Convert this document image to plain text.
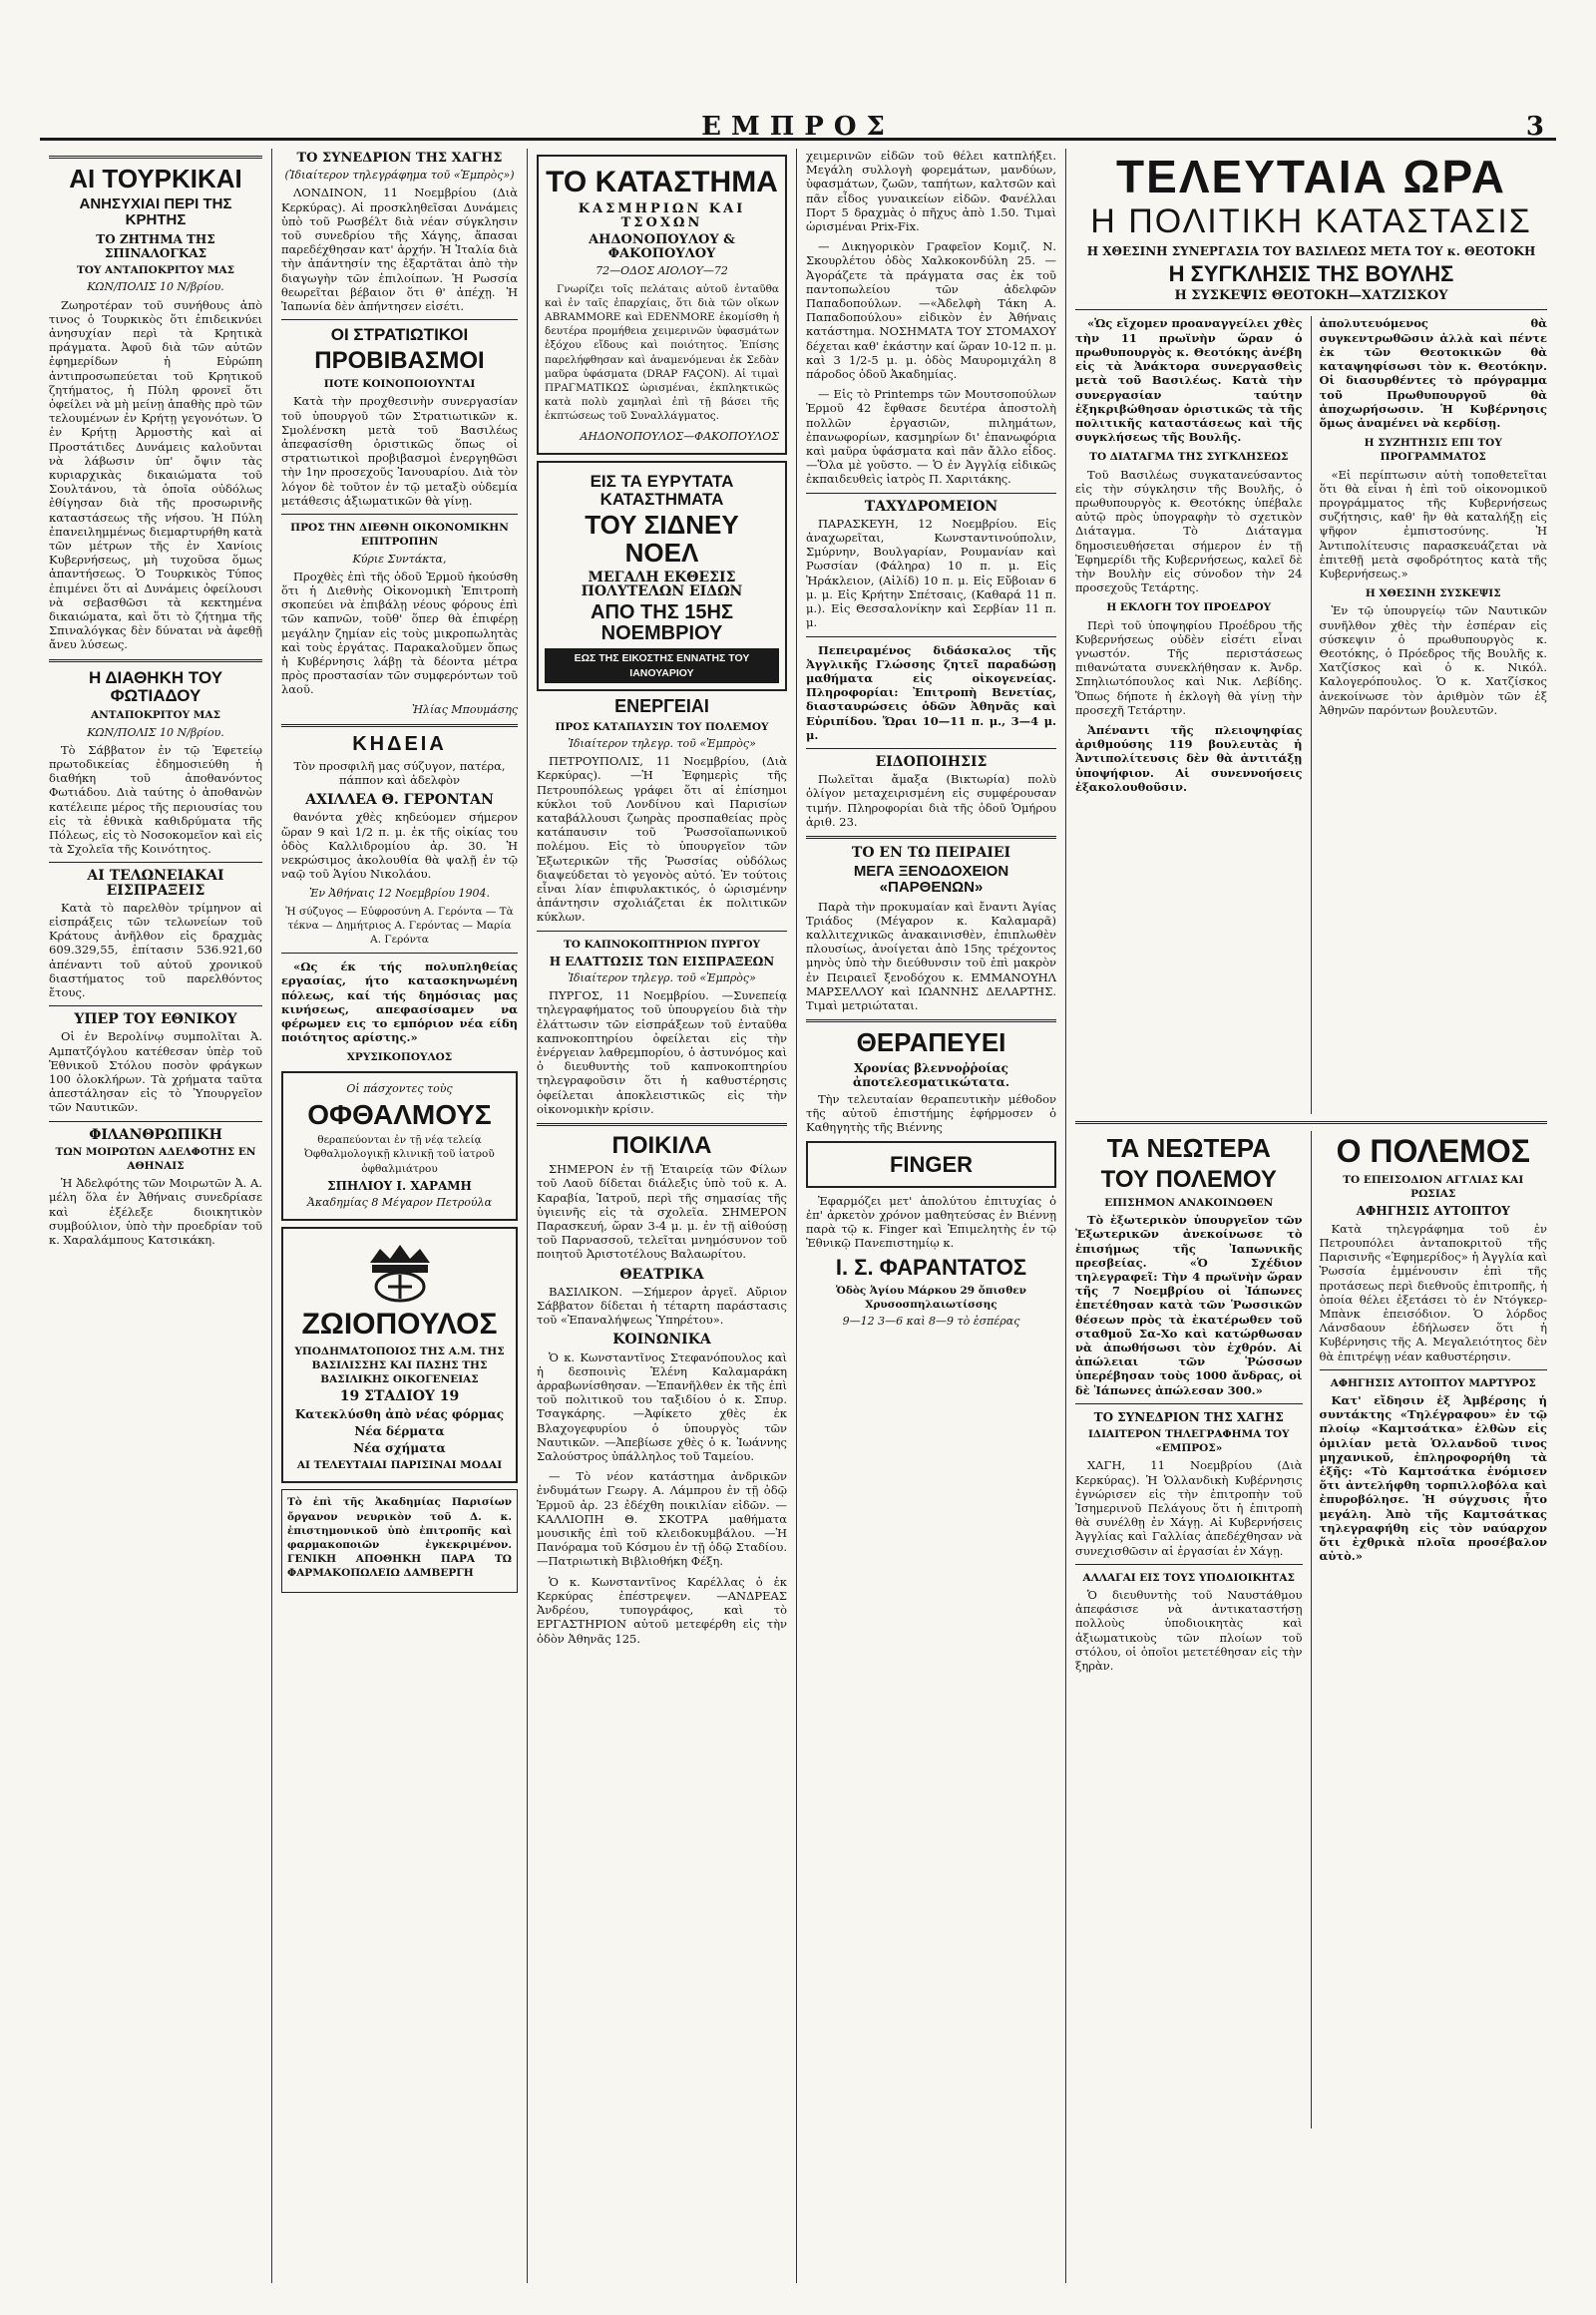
ΕΜΠΡΟΣ	3
ΑΙ ΤΟΥΡΚΙΚΑΙ
ΑΝΗΣΥΧΙΑΙ ΠΕΡΙ ΤΗΣ ΚΡΗΤΗΣ
ΤΟ ΖΗΤΗΜΑ ΤΗΣ ΣΠΙΝΑΛΟΓΚΑΣ
ΤΟΥ ΑΝΤΑΠΟΚΡΙΤΟΥ ΜΑΣ
ΚΩΝ/ΠΟΛΙΣ 10 Ν/βρίου.

Ζωηροτέραν τοῦ συνήθους ἀπὸ τινος ὁ Τουρκικὸς ὅτι ἐπιδεικνύει ἀνησυχίαν περὶ τὰ Κρητικὰ πράγματα. Ἀφοῦ διὰ τῶν αὐτῶν ἐφημερίδων ἡ Εὐρώπη ἀντιπροσωπεύεται τοῦ Κρητικοῦ ζητήματος, ἡ Πύλη φρονεῖ ὅτι ὀφείλει νὰ μὴ μείνῃ ἀπαθὴς πρὸ τῶν τελουμένων ἐν Κρήτῃ γεγονότων. Ὁ ἐν Κρήτῃ Ἀρμοστὴς καὶ αἱ Προστάτιδες Δυνάμεις καλοῦνται νὰ λάβωσιν ὑπ' ὄψιν τὰς κυριαρχικὰς δικαιώματα τοῦ Σουλτάνου, τὰ ὁποῖα οὐδόλως ἐθίγησαν διὰ τῆς προσωρινῆς καταστάσεως τῆς νήσου. Ἡ Πύλη ἐπανειλημμένως διεμαρτυρήθη κατὰ τῶν μέτρων τῆς ἐν Χανίοις Κυβερνήσεως, μὴ τυχοῦσα ὅμως ἀπαντήσεως. Ὁ Τουρκικὸς Τύπος ἐπιμένει ὅτι αἱ Δυνάμεις ὀφείλουσι νὰ σεβασθῶσι τὰ κεκτημένα δικαιώματα, καὶ ὅτι τὸ ζήτημα τῆς Σπιναλόγκας δὲν δύναται νὰ ἀφεθῇ ἄνευ λύσεως.

Η ΔΙΑΘΗΚΗ ΤΟΥ ΦΩΤΙΑΔΟΥ
ΑΝΤΑΠΟΚΡΙΤΟΥ ΜΑΣ
ΚΩΝ/ΠΟΛΙΣ 10 Ν/βρίου.

Τὸ Σάββατον ἐν τῷ Ἐφετείῳ πρωτοδικείας ἐδημοσιεύθη ἡ διαθήκη τοῦ ἀποθανόντος Φωτιάδου. Διὰ ταύτης ὁ ἀποθανὼν κατέλειπε μέρος τῆς περιουσίας του εἰς τὰ ἐθνικὰ καθιδρύματα τῆς Πόλεως, εἰς τὸ Νοσοκομεῖον καὶ εἰς τὰ Σχολεῖα τῆς Κοινότητος.

ΑΙ ΤΕΛΩΝΕΙΑΚΑΙ ΕΙΣΠΡΑΞΕΙΣ

Κατὰ τὸ παρελθὸν τρίμηνον αἱ εἰσπράξεις τῶν τελωνείων τοῦ Κράτους ἀνῆλθον εἰς δραχμὰς 609.329,55, ἐπίτασιν 536.921,60 ἀπέναντι τοῦ αὐτοῦ χρονικοῦ διαστήματος τοῦ παρελθόντος ἔτους.

ΥΠΕΡ ΤΟΥ ΕΘΝΙΚΟΥ

Οἱ ἐν Βερολίνῳ συμπολῖται Ἀ. Αμπατζόγλου κατέθεσαν ὑπὲρ τοῦ Ἐθνικοῦ Στόλου ποσὸν φράγκων 100 ὁλοκλήρων. Τὰ χρήματα ταῦτα ἀπεστάλησαν εἰς τὸ Ὑπουργεῖον τῶν Ναυτικῶν.

ΦΙΛΑΝΘΡΩΠΙΚΗ
ΤΩΝ ΜΟΙΡΩΤΩΝ ΑΔΕΛΦΟΤΗΣ ΕΝ ΑΘΗΝΑΙΣ

Ἡ Ἀδελφότης τῶν Μοιρωτῶν Ἀ. Α. μέλη ὅλα ἐν Ἀθήναις συνεδρίασε καὶ ἐξέλεξε διοικητικὸν συμβούλιον, ὑπὸ τὴν προεδρίαν τοῦ κ. Χαραλάμπους Κατσικάκη.

ΤΟ ΣΥΝΕΔΡΙΟΝ ΤΗΣ ΧΑΓΗΣ
(Ἰδιαίτερον τηλεγράφημα τοῦ «Ἐμπρὸς»)

ΛΟΝΔΙΝΟΝ, 11 Νοεμβρίου (Διὰ Κερκύρας). Αἱ προσκληθεῖσαι Δυνάμεις ὑπὸ τοῦ Ρωσβέλτ διὰ νέαν σύγκλησιν τοῦ συνεδρίου τῆς Χάγης, ἅπασαι παρεδέχθησαν κατ' ἀρχήν. Ἡ Ἰταλία διὰ τὴν ἀπάντησίν της ἐξαρτᾶται ἀπὸ τὴν διαγωγὴν τῶν ἐπιλοίπων. Ἡ Ρωσσία θεωρεῖται βέβαιον ὅτι θ' ἀπέχῃ. Ἡ Ἰαπωνία δὲν ἀπήντησεν εἰσέτι.

ΟΙ ΣΤΡΑΤΙΩΤΙΚΟΙ
ΠΡΟΒΙΒΑΣΜΟΙ
ΠΟΤΕ ΚΟΙΝΟΠΟΙΟΥΝΤΑΙ

Κατὰ τὴν προχθεσινὴν συνεργασίαν τοῦ ὑπουργοῦ τῶν Στρατιωτικῶν κ. Σμολένσκη μετὰ τοῦ Βασιλέως ἀπεφασίσθη ὁριστικῶς ὅπως οἱ στρατιωτικοὶ προβιβασμοὶ ἐνεργηθῶσι τὴν 1ην προσεχοῦς Ἰανουαρίου. Διὰ τὸν λόγον δὲ τοῦτον ἐν τῷ μεταξὺ οὐδεμία μετάθεσις ἀξιωματικῶν θὰ γίνῃ.

ΠΡΟΣ ΤΗΝ ΔΙΕΘΝΗ ΟΙΚΟΝΟΜΙΚΗΝ ΕΠΙΤΡΟΠΗΝ
Κύριε Συντάκτα,

Προχθὲς ἐπὶ τῆς ὁδοῦ Ἑρμοῦ ἠκούσθη ὅτι ἡ Διεθνὴς Οἰκονομικὴ Ἐπιτροπὴ σκοπεύει νὰ ἐπιβάλῃ νέους φόρους ἐπὶ τῶν καπνῶν, τοῦθ' ὅπερ θὰ ἐπιφέρῃ μεγάλην ζημίαν εἰς τοὺς μικροπωλητὰς καὶ τοὺς ἐργάτας. Παρακαλοῦμεν ὅπως ἡ Κυβέρνησις λάβῃ τὰ δέοντα μέτρα πρὸς προστασίαν τῶν συμφερόντων τοῦ λαοῦ.

Ἠλίας Μπουμάσης
ΚΗΔΕΙΑ

Τὸν προσφιλῆ μας σύζυγον, πατέρα, πάππον καὶ ἀδελφὸν

ΑΧΙΛΛΕΑ Θ. ΓΕΡΟΝΤΑΝ

θανόντα χθὲς κηδεύομεν σήμερον ὥραν 9 καὶ 1/2 π. μ. ἐκ τῆς οἰκίας του ὁδὸς Καλλιδρομίου ἀρ. 30. Ἡ νεκρώσιμος ἀκολουθία θὰ ψαλῇ ἐν τῷ ναῷ τοῦ Ἁγίου Νικολάου.

Ἐν Ἀθήναις 12 Νοεμβρίου 1904.

Ἡ σύζυγος — Εὐφροσύνη Α. Γερόντα — Τὰ τέκνα — Δημήτριος Α. Γερόντας — Μαρία Α. Γερόντα

«Ως έκ τής πολυπληθείας εργασίας, ήτο κατασκηνωμένη πόλεως, καί τής δημόσιας μας κινήσεως, απεφασίσαμεν να φέρωμεν εις το εμπόριον νέα είδη ποιότητος αρίστης.»

ΧΡΥΣΙΚΟΠΟΥΛΟΣ
Οἱ πάσχοντες τοὺς
ΟΦΘΑΛΜΟΥΣ
θεραπεύονται ἐν τῇ νέᾳ τελείᾳ Ὀφθαλμολογικῇ κλινικῇ τοῦ ἰατροῦ ὀφθαλμιάτρου
ΣΠΗΛΙΟΥ Ι. ΧΑΡΑΜΗ
Ἀκαδημίας 8 Μέγαρον Πετρούλα
ΖΩΙΟΠΟΥΛΟΣ
ΥΠΟΔΗΜΑΤΟΠΟΙΟΣ ΤΗΣ Α.Μ. ΤΗΣ ΒΑΣΙΛΙΣΣΗΣ ΚΑΙ ΠΑΣΗΣ ΤΗΣ ΒΑΣΙΛΙΚΗΣ ΟΙΚΟΓΕΝΕΙΑΣ
19 ΣΤΑΔΙΟΥ 19
Κατεκλύσθη ἀπὸ νέας φόρμας
Νέα δέρματα
Νέα σχήματα
ΑΙ ΤΕΛΕΥΤΑΙΑΙ ΠΑΡΙΣΙΝΑΙ ΜΟΔΑΙ

Τὸ ἐπὶ τῆς Ἀκαδημίας Παρισίων ὄργανον νευρικὸν τοῦ Δ. κ. ἐπιστημονικοῦ ὑπὸ ἐπιτροπῆς καὶ φαρμακοποιῶν ἐγκεκριμένον. ΓΕΝΙΚΗ ΑΠΟΘΗΚΗ ΠΑΡΑ ΤΩ ΦΑΡΜΑΚΟΠΩΛΕΙΩ ΔΑΜΒΕΡΓΗ

ΤΟ ΚΑΤΑΣΤΗΜΑ
ΚΑΣΜΗΡΙΩΝ ΚΑΙ ΤΣΟΧΩΝ
ΑΗΔΟΝΟΠΟΥΛΟΥ & ΦΑΚΟΠΟΥΛΟΥ
72—ΟΔΟΣ ΑΙΟΛΟΥ—72

Γνωρίζει τοῖς πελάταις αὐτοῦ ἐνταῦθα καὶ ἐν ταῖς ἐπαρχίαις, ὅτι διὰ τῶν οἴκων ABRAMMORE καὶ EDENMORE ἐκομίσθη ἡ δευτέρα προμήθεια χειμερινῶν ὑφασμάτων ἐξόχου εἴδους καὶ ποιότητος. Ἐπίσης παρελήφθησαν καὶ ἀναμενόμεναι ἐκ Σεδὰν μαῦρα ὑφάσματα (DRAP FAÇON). Αἱ τιμαὶ ΠΡΑΓΜΑΤΙΚΩΣ ὡρισμέναι, ἐκπληκτικῶς κατὰ πολὺ χαμηλαὶ ἐπὶ τῇ βάσει τῆς ἐκπτώσεως τοῦ Συναλλάγματος.

ΑΗΔΟΝΟΠΟΥΛΟΣ—ΦΑΚΟΠΟΥΛΟΣ
ΕΙΣ ΤΑ ΕΥΡΥΤΑΤΑ ΚΑΤΑΣΤΗΜΑΤΑ
ΤΟΥ ΣΙΔΝΕΥ ΝΟΕΛ
ΜΕΓΑΛΗ ΕΚΘΕΣΙΣ ΠΟΛΥΤΕΛΩΝ ΕΙΔΩΝ
ΑΠΟ ΤΗΣ 15ΗΣ ΝΟΕΜΒΡΙΟΥ
ΕΩΣ ΤΗΣ ΕΙΚΟΣΤΗΣ ΕΝΝΑΤΗΣ ΤΟΥ ΙΑΝΟΥΑΡΙΟΥ
ΕΝΕΡΓΕΙΑΙ
ΠΡΟΣ ΚΑΤΑΠΑΥΣΙΝ ΤΟΥ ΠΟΛΕΜΟΥ
Ἰδιαίτερον τηλεγρ. τοῦ «Ἐμπρὸς»

ΠΕΤΡΟΥΠΟΛΙΣ, 11 Νοεμβρίου, (Διὰ Κερκύρας). —Ἡ Ἐφημερὶς τῆς Πετρουπόλεως γράφει ὅτι αἱ ἐπίσημοι κύκλοι τοῦ Λονδίνου καὶ Παρισίων καταβάλλουσι ζωηρὰς προσπαθείας πρὸς κατάπαυσιν τοῦ Ῥωσσοϊαπωνικοῦ πολέμου. Εἰς τὸ ὑπουργεῖον τῶν Ἐξωτερικῶν τῆς Ῥωσσίας οὐδόλως διαψεύδεται τὸ γεγονὸς αὐτό. Ἐν τούτοις εἶναι λίαν ἐπιφυλακτικός, ὁ ὡρισμένην ἀπάντησιν σχολιάζεται ἐκ πολιτικῶν κύκλων.

ΤΟ ΚΑΠΝΟΚΟΠΤΗΡΙΟΝ ΠΥΡΓΟΥ
Η ΕΛΑΤΤΩΣΙΣ ΤΩΝ ΕΙΣΠΡΑΞΕΩΝ
Ἰδιαίτερον τηλεγρ. τοῦ «Ἐμπρὸς»

ΠΥΡΓΟΣ, 11 Νοεμβρίου. —Συνεπείᾳ τηλεγραφήματος τοῦ ὑπουργείου διὰ τὴν ἐλάττωσιν τῶν εἰσπράξεων τοῦ ἐνταῦθα καπνοκοπτηρίου ὀφείλεται εἰς τὴν ἐνέργειαν λαθρεμπορίου, ὁ ἀστυνόμος καὶ ὁ διευθυντὴς τοῦ καπνοκοπτηρίου τηλεγραφοῦσιν ὅτι ἡ καθυστέρησις ὀφείλεται ἀποκλειστικῶς εἰς τὴν οἰκονομικὴν κρίσιν.

ΠΟΙΚΙΛΑ

ΣΗΜΕΡΟΝ ἐν τῇ Ἑταιρείᾳ τῶν Φίλων τοῦ Λαοῦ δίδεται διάλεξις ὑπὸ τοῦ κ. Α. Καραβία, Ἰατροῦ, περὶ τῆς σημασίας τῆς ὑγιεινῆς εἰς τὰ σχολεῖα. ΣΗΜΕΡΟΝ Παρασκευή, ὥραν 3-4 μ. μ. ἐν τῇ αἰθούσῃ τοῦ Παρνασσοῦ, τελεῖται μνημόσυνον τοῦ ποιητοῦ Ἀριστοτέλους Βαλαωρίτου.

ΘΕΑΤΡΙΚΑ

ΒΑΣΙΛΙΚΟΝ. —Σήμερον ἀργεῖ. Αὔριον Σάββατον δίδεται ἡ τέταρτη παράστασις τοῦ «Ἐπαναλήψεως Ὑπηρέτου».

ΚΟΙΝΩΝΙΚΑ

Ὁ κ. Κωνσταντῖνος Στεφανόπουλος καὶ ἡ δεσποινὶς Ἑλένη Καλαμαράκη ἀρραβωνίσθησαν. —Ἐπανῆλθεν ἐκ τῆς ἐπὶ τοῦ πολιτικοῦ του ταξιδίου ὁ κ. Σπυρ. Τσαγκάρης. —Ἀφίκετο χθὲς ἐκ Βλαχογεφυρίου ὁ ὑπουργὸς τῶν Ναυτικῶν. —Ἀπεβίωσε χθὲς ὁ κ. Ἰωάννης Σαλούστρος ὑπάλληλος τοῦ Ταμείου.

— Τὸ νέον κατάστημα ἀνδρικῶν ἐνδυμάτων Γεωργ. Α. Λάμπρου ἐν τῇ ὁδῷ Ἑρμοῦ ἀρ. 23 ἐδέχθη ποικιλίαν εἰδῶν. —ΚΑΛΛΙΟΠΗ Θ. ΣΚΟΤΡΑ μαθήματα μουσικῆς ἐπὶ τοῦ κλειδοκυμβάλου. —Ἡ Πανόραμα τοῦ Κόσμου ἐν τῇ ὁδῷ Σταδίου. —Πατριωτικὴ Βιβλιοθήκη Φέξη.

Ὁ κ. Κωνσταντῖνος Καρέλλας ὁ ἐκ Κερκύρας ἐπέστρεψεν. —ΑΝΔΡΕΑΣ Ἀνδρέου, τυπογράφος, καὶ τὸ ΕΡΓΑΣΤΗΡΙΟΝ αὐτοῦ μετεφέρθη εἰς τὴν ὁδὸν Ἀθηνᾶς 125.

χειμερινῶν εἰδῶν τοῦ θέλει κατπλήξει. Μεγάλη συλλογὴ φορεμάτων, μανδύων, ὑφασμάτων, ζωῶν, ταπήτων, καλτσῶν καὶ πᾶν εἶδος γυναικείων εἰδῶν. Φανέλλαι Πορτ 5 δραχμὰς ὁ πῆχυς ἀπὸ 1.50. Τιμαὶ ὡρισμέναι Prix-Fix.

— Δικηγορικὸν Γραφεῖον Κομιζ. Ν. Σκουρλέτου ὁδὸς Χαλκοκονδύλη 25. — Ἀγοράζετε τὰ πράγματα σας ἐκ τοῦ παντοπωλείου τῶν ἀδελφῶν Παπαδοπούλων. —«Ἀδελφὴ Τάκη Α. Παπαδοπούλου» εἰδικὸν ἐν Ἀθήναις κατάστημα. ΝΟΣΗΜΑΤΑ ΤΟΥ ΣΤΟΜΑΧΟΥ δέχεται καθ' ἑκάστην καί ὥραν 10-12 π. μ. καὶ 3 1/2-5 μ. μ. ὁδὸς Μαυρομιχάλη 8 πάροδος ὁδοῦ Ἀκαδημίας.

— Εἰς τὸ Printemps τῶν Μουτσοπούλων Ἑρμοῦ 42 ἔφθασε δευτέρα ἀποστολὴ πολλῶν ἐργασιῶν, πιλημάτων, ἐπανωφορίων, κασμηρίων δι' ἐπανωφόρια καὶ μαῦρα ὑφάσματα καὶ πᾶν ἄλλο εἶδος. —Ὅλα μὲ γοῦστο. — Ὁ ἐν Ἀγγλίᾳ εἰδικῶς ἐκπαιδευθεὶς ἰατρὸς Π. Χαριτάκης.

ΤΑΧΥΔΡΟΜΕΙΟΝ

ΠΑΡΑΣΚΕΥΗ, 12 Νοεμβρίου. Εἰς ἀναχωρεῖται, Κωνσταντινούπολιν, Σμύρνην, Βουλγαρίαν, Ρουμανίαν καὶ Ρωσσίαν (Φάληρα) 10 π. μ. Εἰς Ἠράκλειον, (Αἰλίδ) 10 π. μ. Εἰς Εὔβοιαν 6 μ. μ. Εἰς Κρήτην Σπέτσαις, (Καθαρά 11 π. μ.). Εἰς Θεσσαλονίκην καὶ Σερβίαν 11 π. μ.

Πεπειραμένος διδάσκαλος τῆς Ἀγγλικῆς Γλώσσης ζητεῖ παραδώσῃ μαθήματα εἰς οἰκογενείας. Πληροφορίαι: Ἐπιτροπὴ Βενετίας, διασταυρώσεις ὁδῶν Ἀθηνᾶς καὶ Εὐριπίδου. Ὥραι 10—11 π. μ., 3—4 μ. μ.

ΕΙΔΟΠΟΙΗΣΙΣ

Πωλεῖται ἄμαξα (Βικτωρία) πολὺ ὀλίγον μεταχειρισμένη εἰς συμφέρουσαν τιμήν. Πληροφορίαι διὰ τῆς ὁδοῦ Ὁμήρου ἀριθ. 23.

ΤΟ ΕΝ ΤΩ ΠΕΙΡΑΙΕΙ
ΜΕΓΑ ΞΕΝΟΔΟΧΕΙΟΝ «ΠΑΡΘΕΝΩΝ»

Παρὰ τὴν προκυμαίαν καὶ ἔναντι Ἁγίας Τριάδος (Μέγαρον κ. Καλαμαρᾶ) καλλιτεχνικῶς ἀνακαινισθὲν, ἐπιπλωθὲν πλουσίως, ἀνοίγεται ἀπὸ 15ης τρέχοντος μηνὸς ὑπὸ τὴν διεύθυνσιν τοῦ ἐπὶ μακρὸν ἐν Πειραιεῖ ξενοδόχου κ. ΕΜΜΑΝΟΥΗΛ ΜΑΡΣΕΛΛΟΥ καὶ ΙΩΑΝΝΗΣ ΔΕΛΑΡΤΗΣ. Τιμαὶ μετριώταται.

ΘΕΡΑΠΕΥΕΙ
Χρονίας βλεννοῤῥοίας ἀποτελεσματικώτατα.

Τὴν τελευταίαν θεραπευτικὴν μέθοδον τῆς αὐτοῦ ἐπιστήμης ἐφήρμοσεν ὁ Καθηγητὴς τῆς Βιέννης

FINGER

Ἐφαρμόζει μετ' ἀπολύτου ἐπιτυχίας ὁ ἐπ' ἀρκετὸν χρόνον μαθητεύσας ἐν Βιέννῃ παρὰ τῷ κ. Finger καὶ Ἐπιμελητὴς ἐν τῷ Ἐθνικῷ Πανεπιστημίῳ κ.

Ι. Σ. ΦΑΡΑΝΤΑΤΟΣ
Ὁδὸς Ἁγίου Μάρκου 29 ὄπισθεν Χρυσοσπηλαιωτίσσης
9—12 3—6 καὶ 8—9 τὸ ἑσπέρας
ΤΕΛΕΥΤΑΙΑ ΩΡΑ
Η ΠΟΛΙΤΙΚΗ ΚΑΤΑΣΤΑΣΙΣ
Η ΧΘΕΣΙΝΗ ΣΥΝΕΡΓΑΣΙΑ ΤΟΥ ΒΑΣΙΛΕΩΣ ΜΕΤΑ ΤΟΥ κ. ΘΕΟΤΟΚΗ
Η ΣΥΓΚΛΗΣΙΣ ΤΗΣ ΒΟΥΛΗΣ
Η ΣΥΣΚΕΨΙΣ ΘΕΟΤΟΚΗ—ΧΑΤΖΙΣΚΟΥ

«Ὡς εἴχομεν προαναγγείλει χθὲς τὴν 11 πρωϊνὴν ὥραν ὁ πρωθυπουργὸς κ. Θεοτόκης ἀνέβη εἰς τὰ Ἀνάκτορα συνεργασθεὶς μετὰ τοῦ Βασιλέως. Κατὰ τὴν συνεργασίαν ταύτην ἐξηκριβώθησαν ὁριστικῶς τὰ τῆς πολιτικῆς καταστάσεως καὶ τῆς συγκλήσεως τῆς Βουλῆς.

ΤΟ ΔΙΑΤΑΓΜΑ ΤΗΣ ΣΥΓΚΛΗΣΕΩΣ

Τοῦ Βασιλέως συγκατανεύσαντος εἰς τὴν σύγκλησιν τῆς Βουλῆς, ὁ πρωθυπουργὸς κ. Θεοτόκης ὑπέβαλε αὐτῷ πρὸς ὑπογραφὴν τὸ σχετικὸν Διάταγμα. Τὸ Διάταγμα δημοσιευθήσεται σήμερον ἐν τῇ Ἐφημερίδι τῆς Κυβερνήσεως, καλεῖ δὲ τὴν Βουλὴν εἰς σύνοδον τὴν 24 προσεχοῦς Τετάρτης.

Η ΕΚΛΟΓΗ ΤΟΥ ΠΡΟΕΔΡΟΥ

Περὶ τοῦ ὑποψηφίου Προέδρου τῆς Κυβερνήσεως οὐδὲν εἰσέτι εἶναι γνωστόν. Τῆς περιστάσεως πιθανώτατα συνεκλήθησαν κ. Ἀνδρ. Σπηλιωτόπουλος καὶ Νικ. Λεβίδης. Ὅπως δήποτε ἡ ἐκλογὴ θὰ γίνῃ τὴν προσεχῆ Τετάρτην.

Ἀπέναντι τῆς πλειοψηφίας ἀριθμούσης 119 βουλευτὰς ἡ Ἀντιπολίτευσις δὲν θὰ ἀντιτάξῃ ὑποψήφιον. Αἱ συνεννοήσεις ἐξακολουθοῦσιν.

ἀπολυτευόμενος θὰ συγκεντρωθῶσιν ἀλλὰ καὶ πέντε ἐκ τῶν Θεοτοκικῶν θὰ καταψηφίσωσι τὸν κ. Θεοτόκην. Οἱ διασυρθέντες τὸ πρόγραμμα τοῦ Πρωθυπουργοῦ θὰ ἀποχωρήσωσιν. Ἡ Κυβέρνησις ὅμως ἀναμένει νὰ κερδίσῃ.

Η ΣΥΖΗΤΗΣΙΣ ΕΠΙ ΤΟΥ ΠΡΟΓΡΑΜΜΑΤΟΣ

«Εἰ περίπτωσιν αὐτὴ τοποθετεῖται ὅτι θὰ εἶναι ἡ ἐπὶ τοῦ οἰκονομικοῦ προγράμματος τῆς Κυβερνήσεως συζήτησις, καθ' ἣν θὰ καταλήξῃ εἰς ψῆφον ἐμπιστοσύνης. Ἡ Ἀντιπολίτευσις παρασκευάζεται νὰ ἐπιτεθῇ μετὰ σφοδρότητος κατὰ τῆς Κυβερνήσεως.»

Η ΧΘΕΣΙΝΗ ΣΥΣΚΕΨΙΣ

Ἐν τῷ ὑπουργείῳ τῶν Ναυτικῶν συνῆλθον χθὲς τὴν ἑσπέραν εἰς σύσκεψιν ὁ πρωθυπουργὸς κ. Θεοτόκης, ὁ Πρόεδρος τῆς Βουλῆς κ. Χατζίσκος καὶ ὁ κ. Νικόλ. Καλογερόπουλος. Ὁ κ. Χατζίσκος ἀνεκοίνωσε τὸν ἀριθμὸν τῶν ἐξ Ἀθηνῶν παρόντων βουλευτῶν.

ΤΑ ΝΕΩΤΕΡΑ
ΤΟΥ ΠΟΛΕΜΟΥ
ΕΠΙΣΗΜΟΝ ΑΝΑΚΟΙΝΩΘΕΝ

Τὸ ἐξωτερικὸν ὑπουργεῖον τῶν Ἐξωτερικῶν ἀνεκοίνωσε τὸ ἐπισήμως τῆς Ἰαπωνικῆς πρεσβείας. «Ὁ Σχέδιον τηλεγραφεῖ: Τὴν 4 πρωϊνὴν ὥραν τῆς 7 Νοεμβρίου οἱ Ἰάπωνες ἐπετέθησαν κατὰ τῶν Ῥωσσικῶν θέσεων πρὸς τὰ ἐκατέρωθεν τοῦ σταθμοῦ Σα-Χο καὶ κατώρθωσαν νὰ ἀπωθήσωσι τὸν ἐχθρόν. Αἱ ἀπώλειαι τῶν Ῥώσσων ὑπερέβησαν τοὺς 1000 ἄνδρας, οἱ δὲ Ἰάπωνες ἀπώλεσαν 300.»

ΤΟ ΣΥΝΕΔΡΙΟΝ ΤΗΣ ΧΑΓΗΣ
ΙΔΙΑΙΤΕΡΟΝ ΤΗΛΕΓΡΑΦΗΜΑ ΤΟΥ «ΕΜΠΡΟΣ»

ΧΑΓΗ, 11 Νοεμβρίου (Διὰ Κερκύρας). Ἡ Ὁλλανδικὴ Κυβέρνησις ἐγνώρισεν εἰς τὴν ἐπιτροπὴν τοῦ Ἰσημερινοῦ Πελάγους ὅτι ἡ ἐπιτροπὴ θὰ συνέλθῃ ἐν Χάγῃ. Αἱ Κυβερνήσεις Ἀγγλίας καὶ Γαλλίας ἀπεδέχθησαν νὰ συνεχισθῶσιν αἱ ἐργασίαι ἐν Χάγῃ.

ΑΛΛΑΓΑΙ ΕΙΣ ΤΟΥΣ ΥΠΟΔΙΟΙΚΗΤΑΣ

Ὁ διευθυντὴς τοῦ Ναυστάθμου ἀπεφάσισε νὰ ἀντικαταστήσῃ πολλοὺς ὑποδιοικητὰς καὶ ἀξιωματικοὺς τῶν πλοίων τοῦ στόλου, οἱ ὁποῖοι μετετέθησαν εἰς τὴν ξηρὰν.

Ο ΠΟΛΕΜΟΣ
ΤΟ ΕΠΕΙΣΟΔΙΟΝ ΑΓΓΛΙΑΣ ΚΑΙ ΡΩΣΙΑΣ
ΑΦΗΓΗΣΙΣ ΑΥΤΟΠΤΟΥ

Κατὰ τηλεγράφημα τοῦ ἐν Πετρουπόλει ἀνταποκριτοῦ τῆς Παρισινῆς «Ἐφημερίδος» ἡ Ἀγγλία καὶ Ῥωσσία ἐμμένουσιν ἐπὶ τῆς προτάσεως περὶ διεθνοῦς ἐπιτροπῆς, ἡ ὁποία θέλει ἐξετάσει τὸ ἐν Ντόγκερ-Μπὰνκ ἐπεισόδιον. Ὁ λόρδος Λάνσδαουν ἐδήλωσεν ὅτι ἡ Κυβέρνησις τῆς Α. Μεγαλειότητος δὲν θὰ ἐπιτρέψῃ νέαν καθυστέρησιν.

ΑΦΗΓΗΣΙΣ ΑΥΤΟΠΤΟΥ ΜΑΡΤΥΡΟΣ

Κατ' εἴδησιν ἐξ Ἀμβέρσης ἡ συντάκτης «Τηλέγραφου» ἐν τῷ πλοίῳ «Καμτσάτκα» ἐλθὼν εἰς ὁμιλίαν μετὰ Ὁλλανδοῦ τινος μηχανικοῦ, ἐπληροφορήθη τὰ ἑξῆς: «Τὸ Καμτσάτκα ἐνόμισεν ὅτι ἀντελήφθη τορπιλλοβόλα καὶ ἐπυροβόλησε. Ἡ σύγχυσις ἦτο μεγάλη. Ἀπὸ τῆς Καμτσάτκας τηλεγραφήθη εἰς τὸν ναύαρχον ὅτι ἐχθρικὰ πλοῖα προσέβαλον αὐτὸ.»
